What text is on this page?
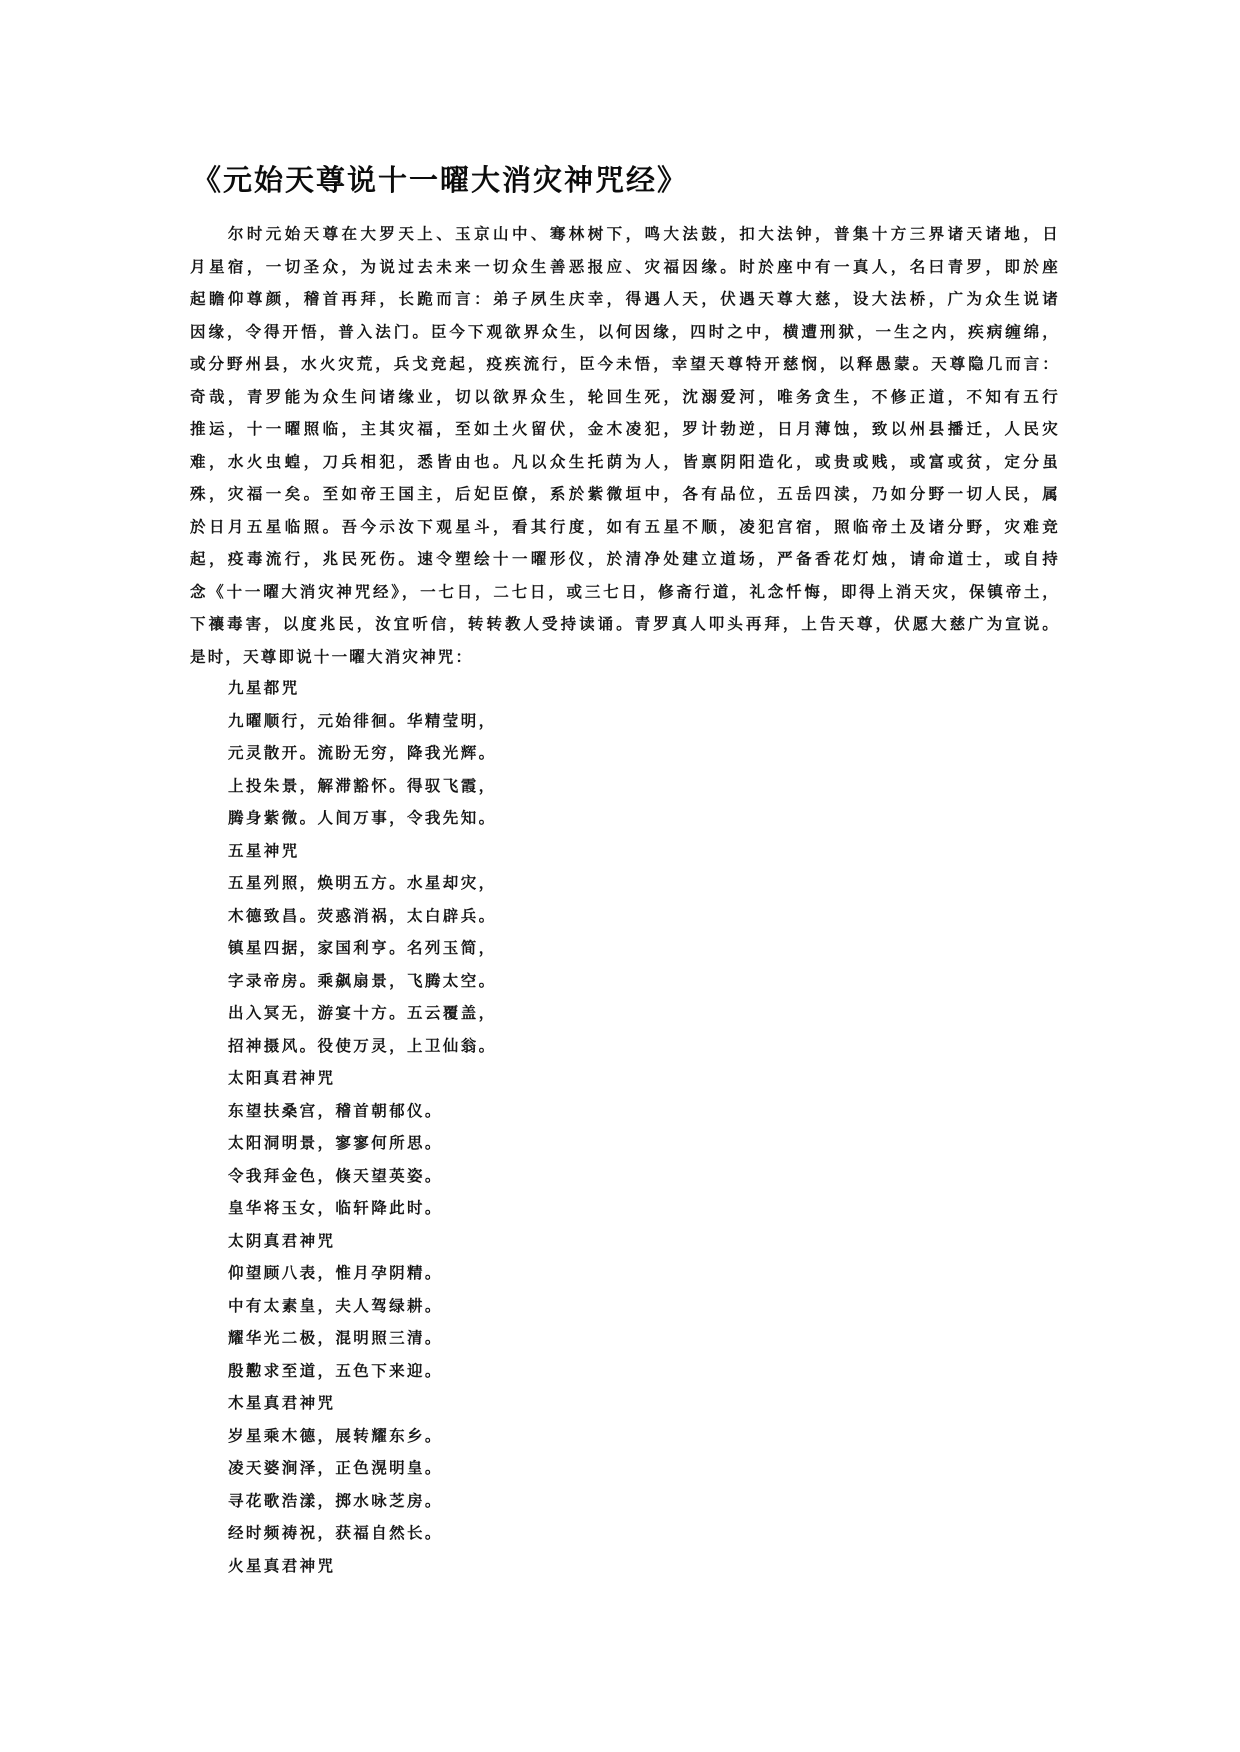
《元始天尊说十一曜大消灾神咒经》
　　尔时元始天尊在大罗天上、玉京山中、骞林树下，鸣大法鼓，扣大法钟，普集十方三界诸天诸地，日
月星宿，一切圣众，为说过去未来一切众生善恶报应、灾福因缘。时於座中有一真人，名曰青罗，即於座
起瞻仰尊颜，稽首再拜，长跪而言：弟子夙生庆幸，得遇人天，伏遇天尊大慈，设大法桥，广为众生说诸
因缘，令得开悟，普入法门。臣今下观欲界众生，以何因缘，四时之中，横遭刑狱，一生之内，疾病缠绵，
或分野州县，水火灾荒，兵戈竞起，疫疾流行，臣今未悟，幸望天尊特开慈悯，以释愚蒙。天尊隐几而言：
奇哉，青罗能为众生问诸缘业，切以欲界众生，轮回生死，沈溺爱河，唯务贪生，不修正道，不知有五行
推运，十一曜照临，主其灾福，至如土火留伏，金木凌犯，罗计勃逆，日月薄蚀，致以州县播迁，人民灾
难，水火虫蝗，刀兵相犯，悉皆由也。凡以众生托荫为人，皆禀阴阳造化，或贵或贱，或富或贫，定分虽
殊，灾福一矣。至如帝王国主，后妃臣僚，系於紫微垣中，各有品位，五岳四渎，乃如分野一切人民，属
於日月五星临照。吾今示汝下观星斗，看其行度，如有五星不顺，凌犯宫宿，照临帝土及诸分野，灾难竞
起，疫毒流行，兆民死伤。速令塑绘十一曜形仪，於清净处建立道场，严备香花灯烛，请命道士，或自持
念《十一曜大消灾神咒经》，一七日，二七日，或三七日，修斋行道，礼念忏悔，即得上消天灾，保镇帝土，
下禳毒害，以度兆民，汝宜听信，转转教人受持读诵。青罗真人叩头再拜，上告天尊，伏愿大慈广为宣说。
是时，天尊即说十一曜大消灾神咒：
九星都咒
九曜顺行，元始徘徊。华精莹明，
元灵散开。流盼无穷，降我光辉。
上投朱景，解滞豁怀。得驭飞霞，
腾身紫微。人间万事，令我先知。
五星神咒
五星列照，焕明五方。水星却灾，
木德致昌。荧惑消祸，太白辟兵。
镇星四据，家国利亨。名列玉简，
字录帝房。乘飙扇景，飞腾太空。
出入冥无，游宴十方。五云覆盖，
招神摄风。役使万灵，上卫仙翁。
太阳真君神咒
东望扶桑宫，稽首朝郁仪。
太阳洞明景，寥寥何所思。
令我拜金色，倏天望英姿。
皇华将玉女，临轩降此时。
太阴真君神咒
仰望顾八表，惟月孕阴精。
中有太素皇，夫人驾绿耕。
耀华光二极，混明照三清。
殷懃求至道，五色下来迎。
木星真君神咒
岁星乘木德，展转耀东乡。
凌天婆涧泽，正色滉明皇。
寻花歌浩漾，掷水咏芝房。
经时频祷祝，获福自然长。
火星真君神咒
